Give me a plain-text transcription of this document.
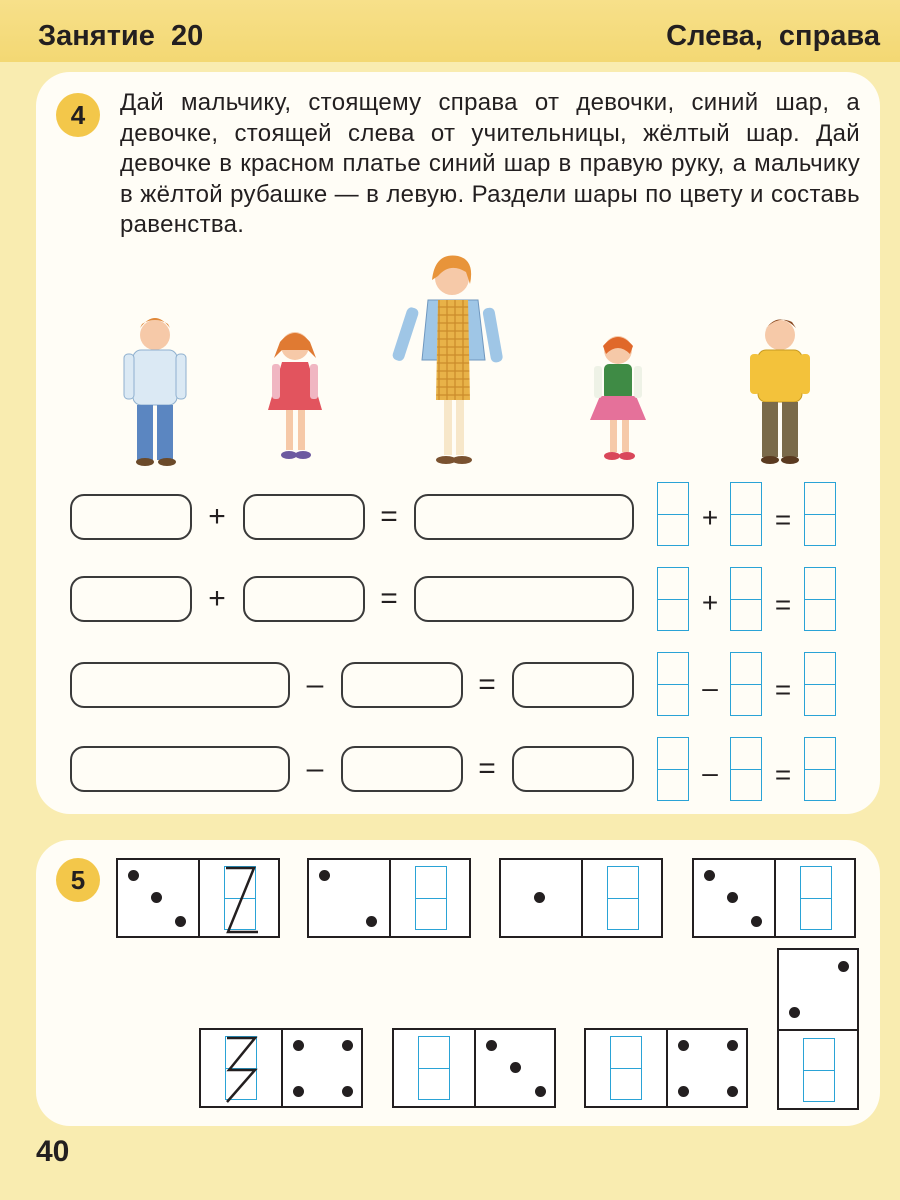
Занятие 20	Слева, справа
4	Дай мальчику, стоящему справа от девочки, синий шар, а девочке, стоящей слева от учительницы, жёлтый шар. Дай девочке в красном платье синий шар в правую руку, а мальчику в жёлтой рубашке — в левую. Раздели шары по цвету и составь равенства.
+	=	+ =
+	=	+ =
–	=	– =
–	=	– =
5
40
